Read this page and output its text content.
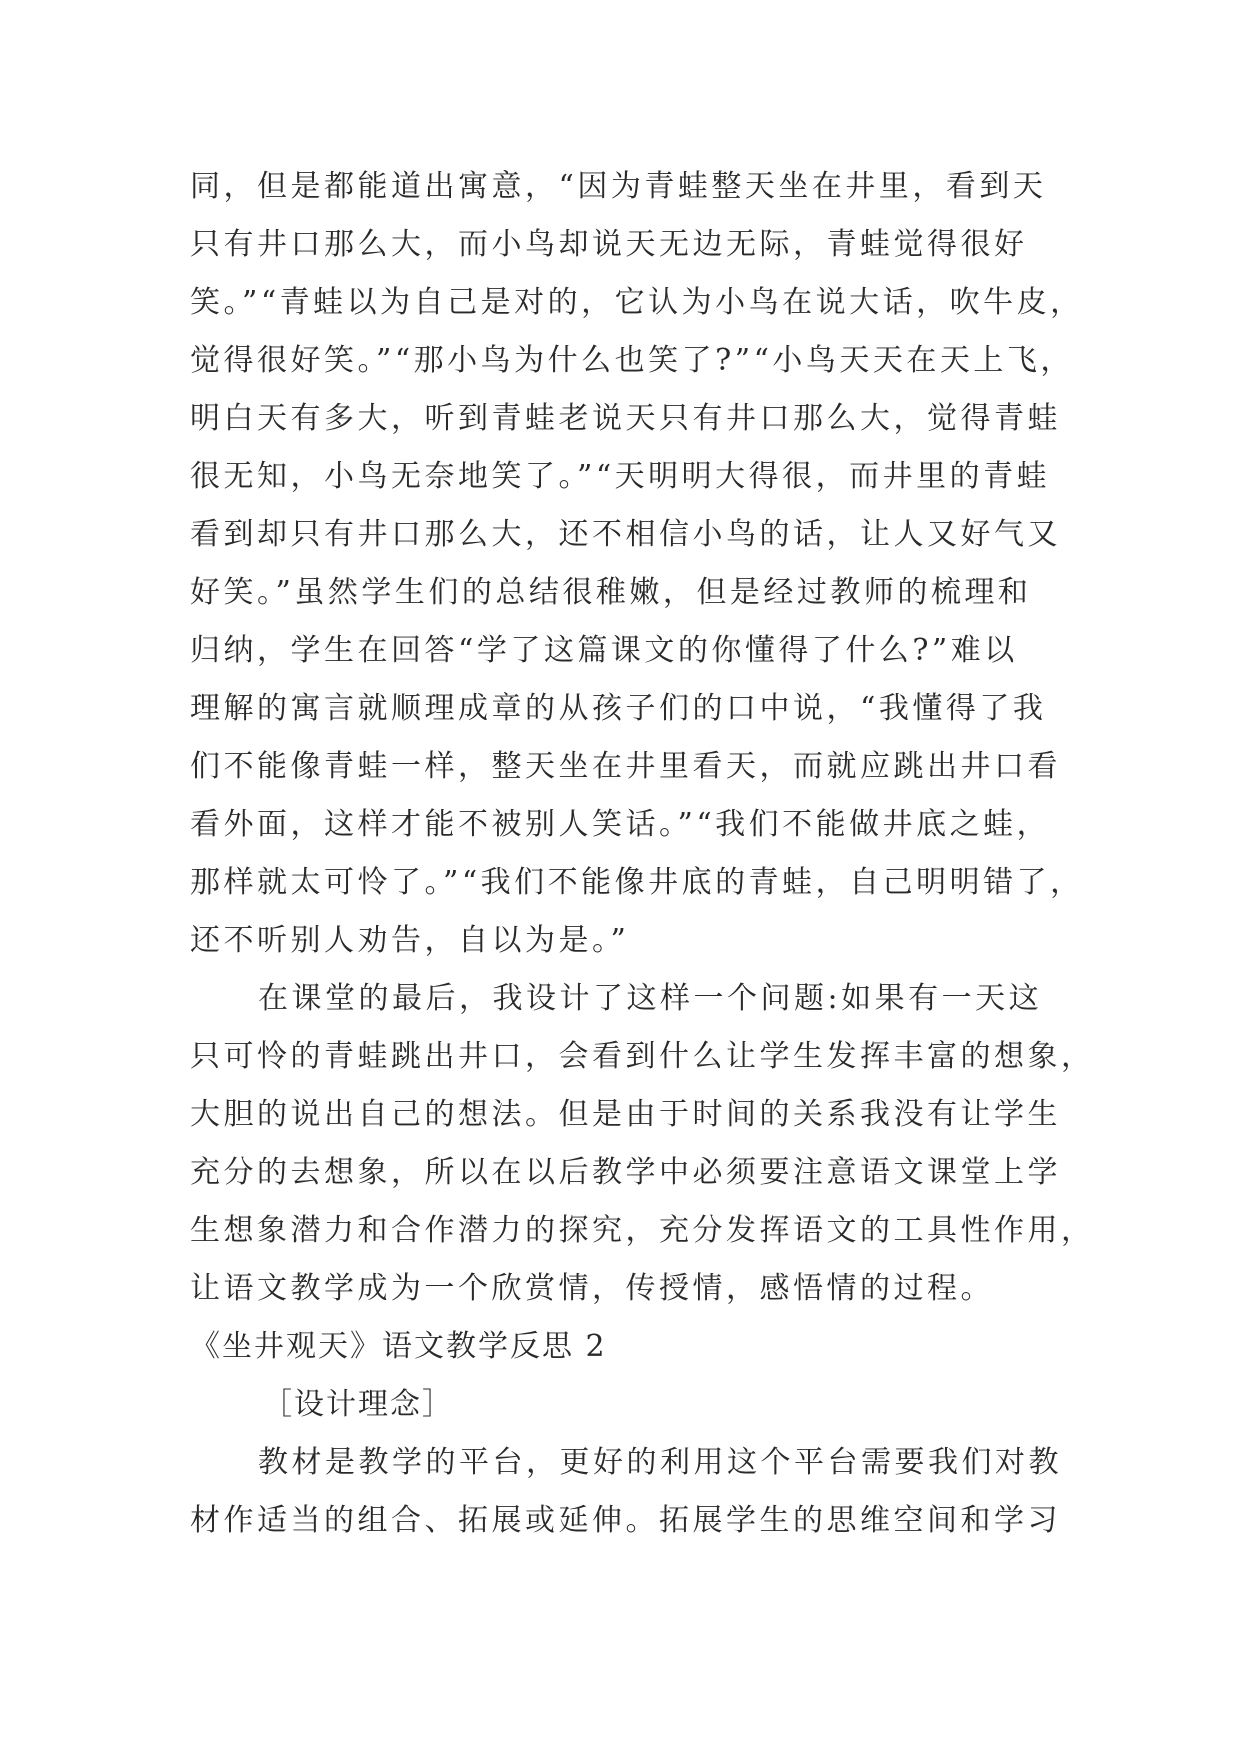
同，但是都能道出寓意，“因为青蛙整天坐在井里，看到天
只有井口那么大，而小鸟却说天无边无际，青蛙觉得很好
笑。”“青蛙以为自己是对的，它认为小鸟在说大话，吹牛皮，
觉得很好笑。”“那小鸟为什么也笑了?”“小鸟天天在天上飞，
明白天有多大，听到青蛙老说天只有井口那么大，觉得青蛙
很无知，小鸟无奈地笑了。”“天明明大得很，而井里的青蛙
看到却只有井口那么大，还不相信小鸟的话，让人又好气又
好笑。”虽然学生们的总结很稚嫩，但是经过教师的梳理和
归纳，学生在回答“学了这篇课文的你懂得了什么?”难以
理解的寓言就顺理成章的从孩子们的口中说，“我懂得了我
们不能像青蛙一样，整天坐在井里看天，而就应跳出井口看
看外面，这样才能不被别人笑话。”“我们不能做井底之蛙，
那样就太可怜了。”“我们不能像井底的青蛙，自己明明错了，
还不听别人劝告，自以为是。”
在课堂的最后，我设计了这样一个问题:如果有一天这
只可怜的青蛙跳出井口，会看到什么让学生发挥丰富的想象，
大胆的说出自己的想法。但是由于时间的关系我没有让学生
充分的去想象，所以在以后教学中必须要注意语文课堂上学
生想象潜力和合作潜力的探究，充分发挥语文的工具性作用，
让语文教学成为一个欣赏情，传授情，感悟情的过程。
《坐井观天》语文教学反思 2
［设计理念］
教材是教学的平台，更好的利用这个平台需要我们对教
材作适当的组合、拓展或延伸。拓展学生的思维空间和学习
